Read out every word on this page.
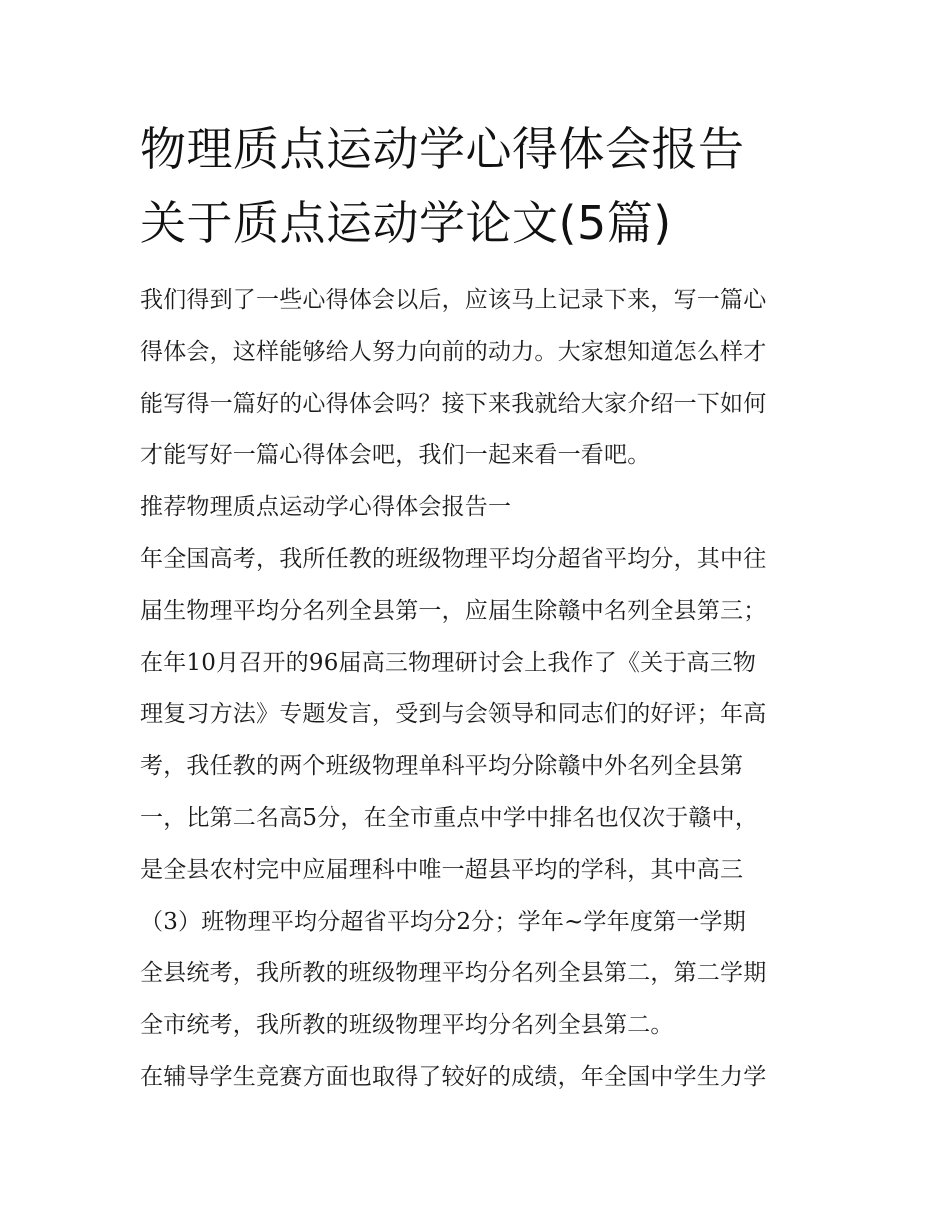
物理质点运动学心得体会报告
关于质点运动学论文(5篇)

我们得到了一些心得体会以后，应该马上记录下来，写一篇心
得体会，这样能够给人努力向前的动力。大家想知道怎么样才
能写得一篇好的心得体会吗？接下来我就给大家介绍一下如何
才能写好一篇心得体会吧，我们一起来看一看吧。

推荐物理质点运动学心得体会报告一

年全国高考，我所任教的班级物理平均分超省平均分，其中往
届生物理平均分名列全县第一，应届生除赣中名列全县第三；
在年10月召开的96届高三物理研讨会上我作了《关于高三物
理复习方法》专题发言，受到与会领导和同志们的好评；年高
考，我任教的两个班级物理单科平均分除赣中外名列全县第
一，比第二名高5分，在全市重点中学中排名也仅次于赣中，
是全县农村完中应届理科中唯一超县平均的学科，其中高三
（3）班物理平均分超省平均分2分；学年~学年度第一学期
全县统考，我所教的班级物理平均分名列全县第二，第二学期
全市统考，我所教的班级物理平均分名列全县第二。

在辅导学生竞赛方面也取得了较好的成绩，年全国中学生力学
